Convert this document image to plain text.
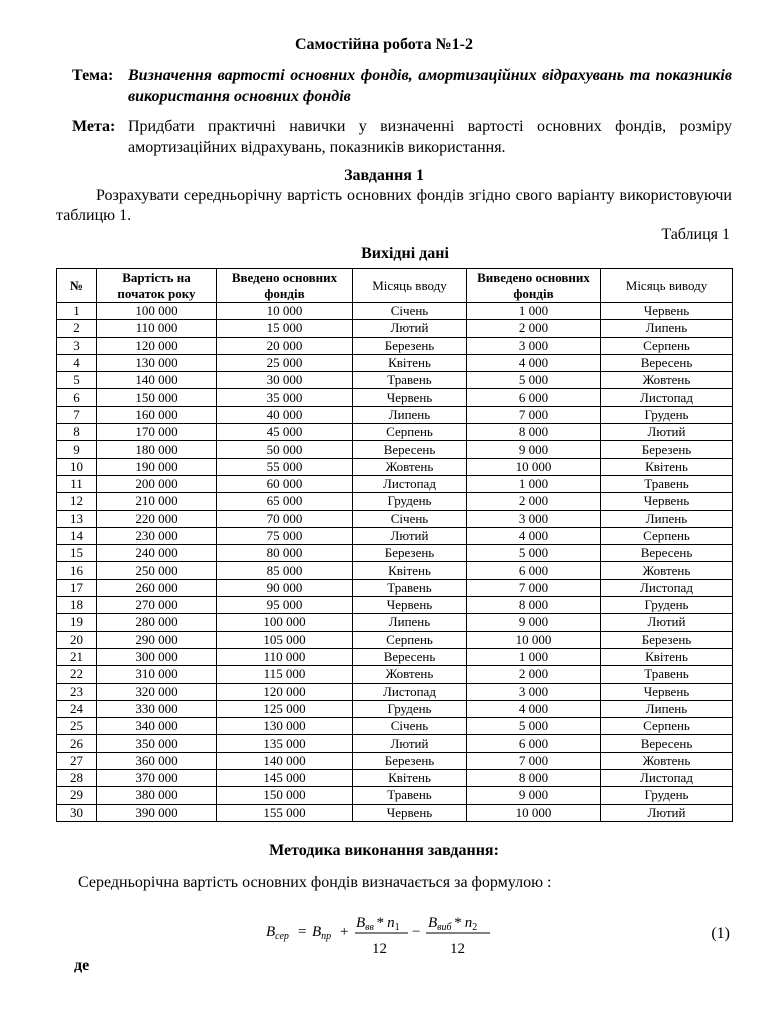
Самостійна робота №1-2
Тема: Визначення вартості основних фондів, амортизаційних відрахувань та показників використання основних фондів
Мета: Придбати практичні навички у визначенні вартості основних фондів, розміру амортизаційних відрахувань, показників використання.
Завдання 1
Розрахувати середньорічну вартість основних фондів згідно свого варіанту використовуючи таблицю 1.
Таблиця 1
Вихідні дані
№	Вартість на початок року	Введено основних фондів	Місяць вводу	Виведено основних фондів	Місяць виводу
1	100 000	10 000	Січень	1 000	Червень
2	110 000	15 000	Лютий	2 000	Липень
3	120 000	20 000	Березень	3 000	Серпень
4	130 000	25 000	Квітень	4 000	Вересень
5	140 000	30 000	Травень	5 000	Жовтень
6	150 000	35 000	Червень	6 000	Листопад
7	160 000	40 000	Липень	7 000	Грудень
8	170 000	45 000	Серпень	8 000	Лютий
9	180 000	50 000	Вересень	9 000	Березень
10	190 000	55 000	Жовтень	10 000	Квітень
11	200 000	60 000	Листопад	1 000	Травень
12	210 000	65 000	Грудень	2 000	Червень
13	220 000	70 000	Січень	3 000	Липень
14	230 000	75 000	Лютий	4 000	Серпень
15	240 000	80 000	Березень	5 000	Вересень
16	250 000	85 000	Квітень	6 000	Жовтень
17	260 000	90 000	Травень	7 000	Листопад
18	270 000	95 000	Червень	8 000	Грудень
19	280 000	100 000	Липень	9 000	Лютий
20	290 000	105 000	Серпень	10 000	Березень
21	300 000	110 000	Вересень	1 000	Квітень
22	310 000	115 000	Жовтень	2 000	Травень
23	320 000	120 000	Листопад	3 000	Червень
24	330 000	125 000	Грудень	4 000	Липень
25	340 000	130 000	Січень	5 000	Серпень
26	350 000	135 000	Лютий	6 000	Вересень
27	360 000	140 000	Березень	7 000	Жовтень
28	370 000	145 000	Квітень	8 000	Листопад
29	380 000	150 000	Травень	9 000	Грудень
30	390 000	155 000	Червень	10 000	Лютий
Методика виконання завдання:
Середньорічна вартість основних фондів визначається за формулою :
$B_{сер} = B_{пр}$ +
$B_{вв} * n_1$
12
−
$B_{виб} * n_2$
12
(1)
де
